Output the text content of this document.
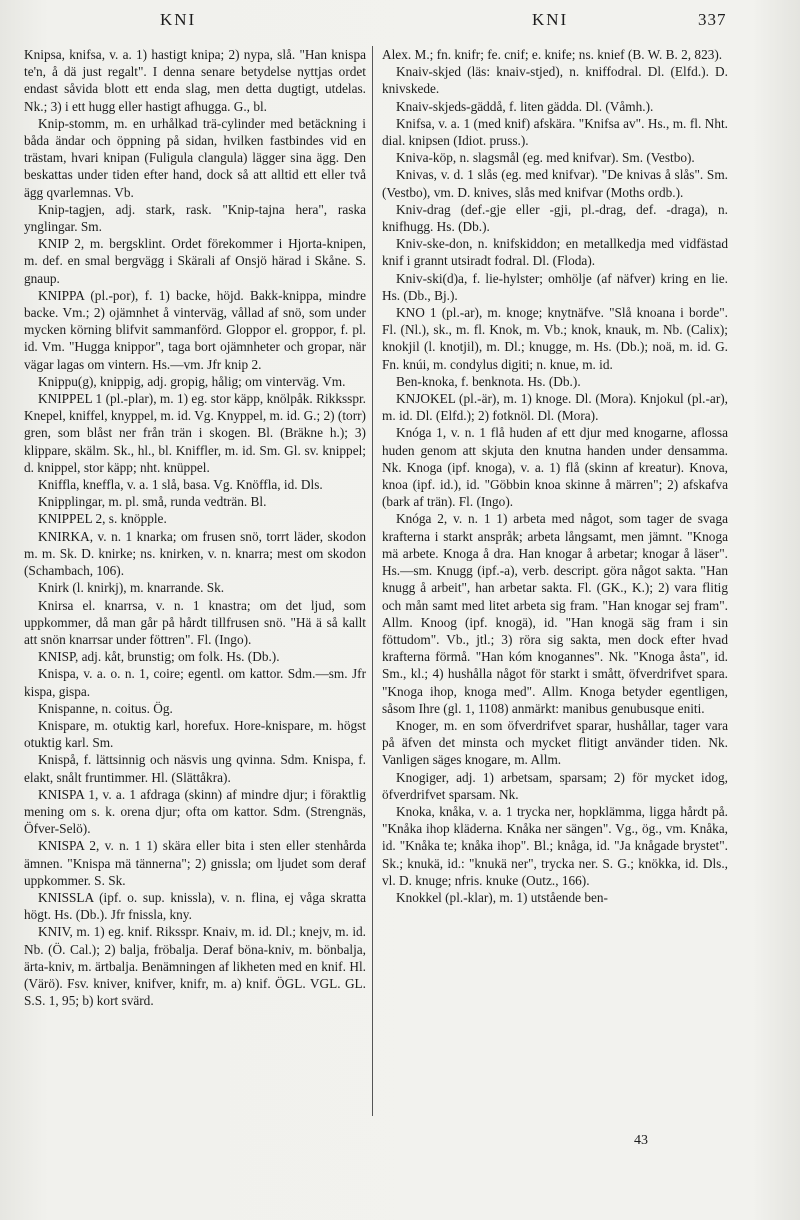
KNI	KNI	337

Knipsa, knifsa, v. a. 1) hastigt knipa; 2) nypa, slå. "Han knispa te'n, å dä just regalt". I denna senare betydelse nyttjas ordet endast såvida blott ett enda slag, men detta dugtigt, utdelas. Nk.; 3) i ett hugg eller hastigt afhugga. G., bl.

Knip-stomm, m. en urhålkad trä-cylinder med betäckning i båda ändar och öppning på sidan, hvilken fastbindes vid en trästam, hvari knipan (Fuligula clangula) lägger sina ägg. Den beskattas under tiden efter hand, dock så att alltid ett eller två ägg qvarlemnas. Vb.

Knip-tagjen, adj. stark, rask. "Knip-tajna hera", raska ynglingar. Sm.

KNIP 2, m. bergsklint. Ordet förekommer i Hjorta-knipen, m. def. en smal bergvägg i Skärali af Onsjö härad i Skåne. S. gnaup.

KNIPPA (pl.-por), f. 1) backe, höjd. Bakk-knippa, mindre backe. Vm.; 2) ojämnhet å vinterväg, vållad af snö, som under mycken körning blifvit sammanförd. Gloppor el. groppor, f. pl. id. Vm. "Hugga knippor", taga bort ojämnheter och gropar, när vägar lagas om vintern. Hs.—vm. Jfr knip 2.

Knippu(g), knippig, adj. gropig, hålig; om vinterväg. Vm.

KNIPPEL 1 (pl.-plar), m. 1) eg. stor käpp, knölpåk. Rikksspr. Knepel, kniffel, knyppel, m. id. Vg. Knyppel, m. id. G.; 2) (torr) gren, som blåst ner från trän i skogen. Bl. (Bräkne h.); 3) klippare, skälm. Sk., hl., bl. Kniffler, m. id. Sm. Gl. sv. knippel; d. knippel, stor käpp; nht. knüppel.

Kniffla, kneffla, v. a. 1 slå, basa. Vg. Knöffla, id. Dls.

Knipplingar, m. pl. små, runda vedträn. Bl.

KNIPPEL 2, s. knöpple.

KNIRKA, v. n. 1 knarka; om frusen snö, torrt läder, skodon m. m. Sk. D. knirke; ns. knirken, v. n. knarra; mest om skodon (Schambach, 106).

Knirk (l. knirkj), m. knarrande. Sk.

Knirsa el. knarrsa, v. n. 1 knastra; om det ljud, som uppkommer, då man går på hårdt tillfrusen snö. "Hä ä så kallt att snön knarrsar under föttren". Fl. (Ingo).

KNISP, adj. kåt, brunstig; om folk. Hs. (Db.).

Knispa, v. a. o. n. 1, coire; egentl. om kattor. Sdm.—sm. Jfr kispa, gispa.

Knispanne, n. coitus. Ög.

Knispare, m. otuktig karl, horefux. Hore-knispare, m. högst otuktig karl. Sm.

Knispå, f. lättsinnig och näsvis ung qvinna. Sdm. Knispa, f. elakt, snålt fruntimmer. Hl. (Slättåkra).

KNISPA 1, v. a. 1 afdraga (skinn) af mindre djur; i föraktlig mening om s. k. orena djur; ofta om kattor. Sdm. (Strengnäs, Öfver-Selö).

KNISPA 2, v. n. 1 1) skära eller bita i sten eller stenhårda ämnen. "Knispa mä tännerna"; 2) gnissla; om ljudet som deraf uppkommer. S. Sk.

KNISSLA (ipf. o. sup. knissla), v. n. flina, ej våga skratta högt. Hs. (Db.). Jfr fnissla, kny.

KNIV, m. 1) eg. knif. Riksspr. Knaiv, m. id. Dl.; knejv, m. id. Nb. (Ö. Cal.); 2) balja, fröbalja. Deraf böna-kniv, m. bönbalja, ärta-kniv, m. ärtbalja. Benämningen af likheten med en knif. Hl. (Värö). Fsv. kniver, knifver, knifr, m. a) knif. ÖGL. VGL. GL. S.S. 1, 95; b) kort svärd.

Alex. M.; fn. knifr; fe. cnif; e. knife; ns. knief (B. W. B. 2, 823).

Knaiv-skjed (läs: knaiv-stjed), n. kniffodral. Dl. (Elfd.). D. knivskede.

Knaiv-skjeds-gäddå, f. liten gädda. Dl. (Våmh.).

Knifsa, v. a. 1 (med knif) afskära. "Knifsa av". Hs., m. fl. Nht. dial. knipsen (Idiot. pruss.).

Kniva-köp, n. slagsmål (eg. med knifvar). Sm. (Vestbo).

Knivas, v. d. 1 slås (eg. med knifvar). "De knivas å slås". Sm. (Vestbo), vm. D. knives, slås med knifvar (Moths ordb.).

Kniv-drag (def.-gje eller -gji, pl.-drag, def. -draga), n. knifhugg. Hs. (Db.).

Kniv-ske-don, n. knifskiddon; en metallkedja med vidfästad knif i grannt utsiradt fodral. Dl. (Floda).

Kniv-ski(d)a, f. lie-hylster; omhölje (af näfver) kring en lie. Hs. (Db., Bj.).

KNO 1 (pl.-ar), m. knoge; knytnäfve. "Slå knoana i borde". Fl. (Nl.), sk., m. fl. Knok, m. Vb.; knok, knauk, m. Nb. (Calix); knokjil (l. knotjil), m. Dl.; knugge, m. Hs. (Db.); noä, m. id. G. Fn. knúi, m. condylus digiti; n. knue, m. id.

Ben-knoka, f. benknota. Hs. (Db.).

KNJOKEL (pl.-är), m. 1) knoge. Dl. (Mora). Knjokul (pl.-ar), m. id. Dl. (Elfd.); 2) fotknöl. Dl. (Mora).

Knóga 1, v. n. 1 flå huden af ett djur med knogarne, aflossa huden genom att skjuta den knutna handen under densamma. Nk. Knoga (ipf. knoga), v. a. 1) flå (skinn af kreatur). Knova, knoa (ipf. id.), id. "Göbbin knoa skinne å märren"; 2) afskafva (bark af trän). Fl. (Ingo).

Knóga 2, v. n. 1 1) arbeta med något, som tager de svaga krafterna i starkt anspråk; arbeta långsamt, men jämnt. "Knoga mä arbete. Knoga å dra. Han knogar å arbetar; knogar å läser". Hs.—sm. Knugg (ipf.-a), verb. descript. göra något sakta. "Han knugg å arbeit", han arbetar sakta. Fl. (GK., K.); 2) vara flitig och mån samt med litet arbeta sig fram. "Han knogar sej fram". Allm. Knoog (ipf. knogä), id. "Han knogä säg fram i sin föttudom". Vb., jtl.; 3) röra sig sakta, men dock efter hvad krafterna förmå. "Han kóm knogannes". Nk. "Knoga åsta", id. Sm., kl.; 4) hushålla något för starkt i smått, öfverdrifvet spara. "Knoga ihop, knoga med". Allm. Knoga betyder egentligen, såsom Ihre (gl. 1, 1108) anmärkt: manibus genubusque eniti.

Knoger, m. en som öfverdrifvet sparar, hushållar, tager vara på äfven det minsta och mycket flitigt använder tiden. Nk. Vanligen säges knogare, m. Allm.

Knogiger, adj. 1) arbetsam, sparsam; 2) för mycket idog, öfverdrifvet sparsam. Nk.

Knoka, knåka, v. a. 1 trycka ner, hopklämma, ligga hårdt på. "Knåka ihop kläderna. Knåka ner sängen". Vg., ög., vm. Knåka, id. "Knåka te; knåka ihop". Bl.; knåga, id. "Ja knågade brystet". Sk.; knukä, id.: "knukä ner", trycka ner. S. G.; knökka, id. Dls., vl. D. knuge; nfris. knuke (Outz., 166).

Knokkel (pl.-klar), m. 1) utstående ben-

43
